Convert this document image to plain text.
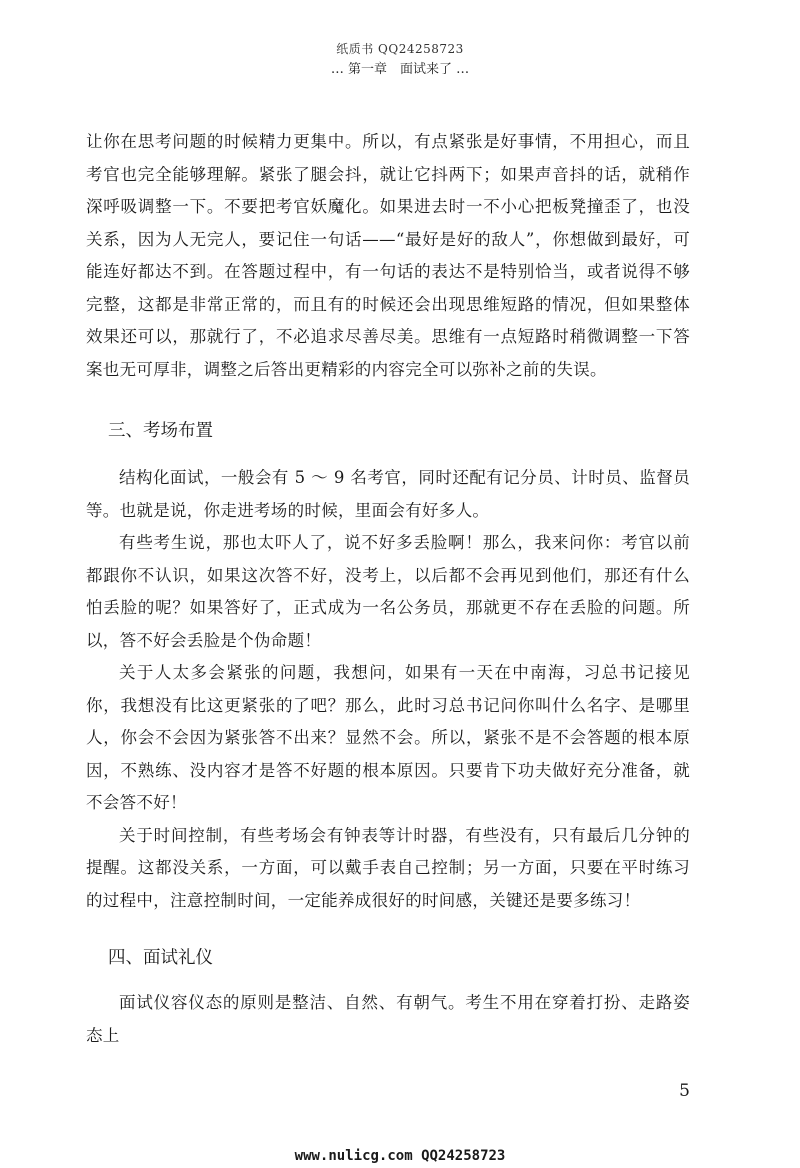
纸质书 QQ24258723
… 第一章　面试来了 …

让你在思考问题的时候精力更集中。所以，有点紧张是好事情，不用担心，而且考官也完全能够理解。紧张了腿会抖，就让它抖两下；如果声音抖的话，就稍作深呼吸调整一下。不要把考官妖魔化。如果进去时一不小心把板凳撞歪了，也没关系，因为人无完人，要记住一句话——“最好是好的敌人”，你想做到最好，可能连好都达不到。在答题过程中，有一句话的表达不是特别恰当，或者说得不够完整，这都是非常正常的，而且有的时候还会出现思维短路的情况，但如果整体效果还可以，那就行了，不必追求尽善尽美。思维有一点短路时稍微调整一下答案也无可厚非，调整之后答出更精彩的内容完全可以弥补之前的失误。

三、考场布置

结构化面试，一般会有 5 ～ 9 名考官，同时还配有记分员、计时员、监督员等。也就是说，你走进考场的时候，里面会有好多人。

有些考生说，那也太吓人了，说不好多丢脸啊！那么，我来问你：考官以前都跟你不认识，如果这次答不好，没考上，以后都不会再见到他们，那还有什么怕丢脸的呢？如果答好了，正式成为一名公务员，那就更不存在丢脸的问题。所以，答不好会丢脸是个伪命题！

关于人太多会紧张的问题，我想问，如果有一天在中南海，习总书记接见你，我想没有比这更紧张的了吧？那么，此时习总书记问你叫什么名字、是哪里人，你会不会因为紧张答不出来？显然不会。所以，紧张不是不会答题的根本原因，不熟练、没内容才是答不好题的根本原因。只要肯下功夫做好充分准备，就不会答不好！

关于时间控制，有些考场会有钟表等计时器，有些没有，只有最后几分钟的提醒。这都没关系，一方面，可以戴手表自己控制；另一方面，只要在平时练习的过程中，注意控制时间，一定能养成很好的时间感，关键还是要多练习！

四、面试礼仪

面试仪容仪态的原则是整洁、自然、有朝气。考生不用在穿着打扮、走路姿态上

5
www.nulicg.com QQ24258723
